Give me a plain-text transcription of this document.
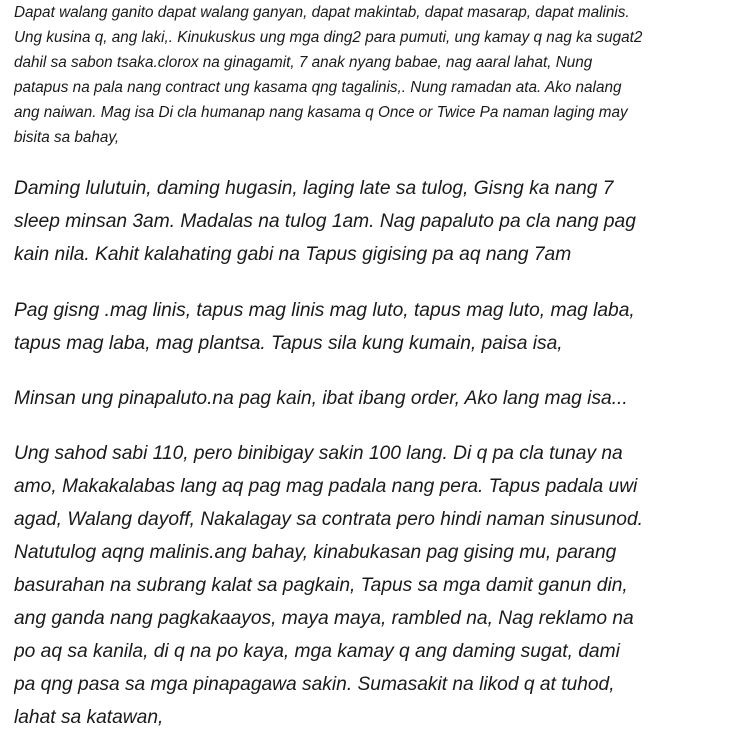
Dapat walang ganito dapat walang ganyan, dapat makintab, dapat masarap, dapat malinis.

Ung kusina q, ang laki,. Kinukuskus ung mga ding2 para pumuti, ung kamay q nag ka sugat2

dahil sa sabon tsaka.clorox na ginagamit, 7 anak nyang babae, nag aaral lahat, Nung

patapus na pala nang contract ung kasama qng tagalinis,. Nung ramadan ata. Ako nalang

ang naiwan. Mag isa Di cla humanap nang kasama q Once or Twice Pa naman laging may

bisita sa bahay,

Daming lulutuin, daming hugasin, laging late sa tulog, Gisng ka nang 7

sleep minsan 3am. Madalas na tulog 1am. Nag papaluto pa cla nang pag

kain nila. Kahit kalahating gabi na Tapus gigising pa aq nang 7am

Pag gisng .mag linis, tapus mag linis mag luto, tapus mag luto, mag laba,

tapus mag laba, mag plantsa. Tapus sila kung kumain, paisa isa,

Minsan ung pinapaluto.na pag kain, ibat ibang order, Ako lang mag isa...

Ung sahod sabi 110, pero binibigay sakin 100 lang. Di q pa cla tunay na

amo, Makakalabas lang aq pag mag padala nang pera. Tapus padala uwi

agad, Walang dayoff, Nakalagay sa contrata pero hindi naman sinusunod.

Natutulog aqng malinis.ang bahay, kinabukasan pag gising mu, parang

basurahan na subrang kalat sa pagkain, Tapus sa mga damit ganun din,

ang ganda nang pagkakaayos, maya maya, rambled na, Nag reklamo na

po aq sa kanila, di q na po kaya, mga kamay q ang daming sugat, dami

pa qng pasa sa mga pinapagawa sakin. Sumasakit na likod q at tuhod,

lahat sa katawan,
